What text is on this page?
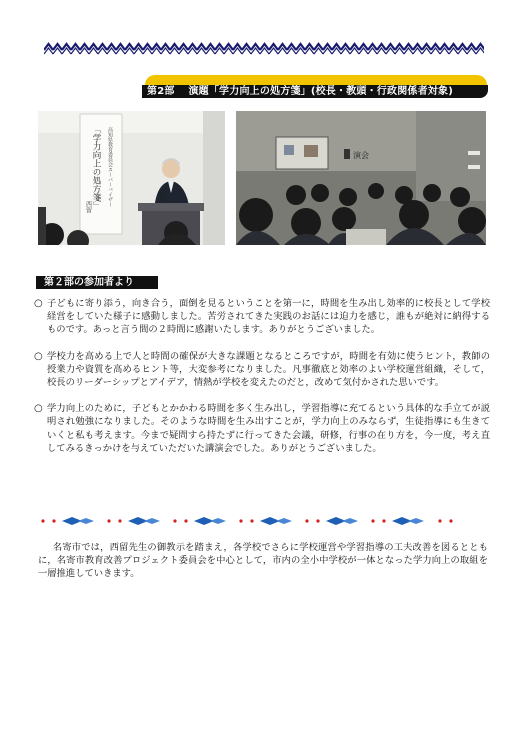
第2部　 演題「学力向上の処方箋」(校長・教頭・行政関係者対象)
「学力向上の処方箋」 高知県教育委員会スーパーバイザー
西留
演会
第２部の参加者より
○ 子どもに寄り添う，向き合う，面倒を見るということを第一に，時間を生み出し効率的に校長として学校経営をしていた様子に感動しました。苦労されてきた実践のお話には迫力を感じ，誰もが絶対に納得するものです。あっと言う間の２時間に感謝いたします。ありがとうございました。
○ 学校力を高める上で人と時間の確保が大きな課題となるところですが，時間を有効に使うヒント，教師の授業力や資質を高めるヒント等，大変参考になりました。凡事徹底と効率のよい学校運営組織，そして，校長のリーダーシップとアイデア，情熱が学校を変えたのだと，改めて気付かされた思いです。
○ 学力向上のために，子どもとかかわる時間を多く生み出し，学習指導に充てるという具体的な手立てが説明され勉強になりました。そのような時間を生み出すことが，学力向上のみならず，生徒指導にも生きていくと私も考えます。今まで疑問すら持たずに行ってきた会議，研修，行事の在り方を，今一度，考え直してみるきっかけを与えていただいた講演会でした。ありがとうございました。
名寄市では，西留先生の御教示を踏まえ，各学校でさらに学校運営や学習指導の工夫改善を図るとともに，名寄市教育改善プロジェクト委員会を中心として，市内の全小中学校が一体となった学力向上の取組を一層推進していきます。
